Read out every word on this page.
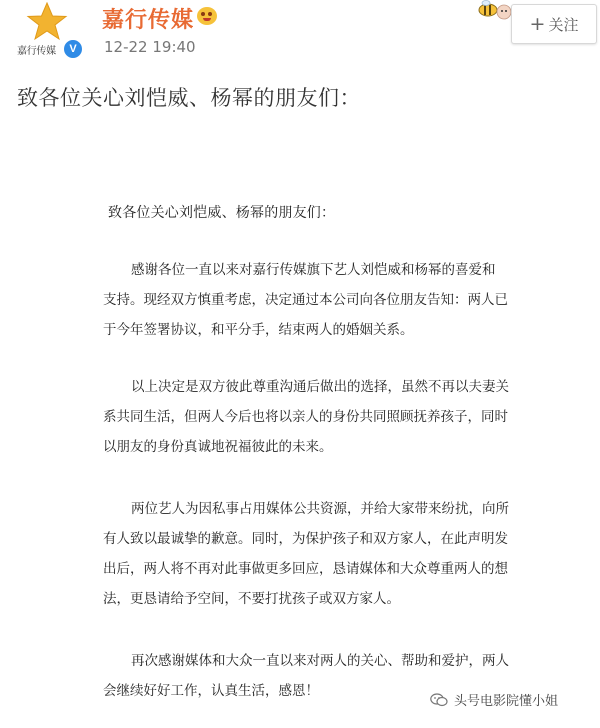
嘉行传媒	V
嘉行传媒
12-22 19:40
+ 关注
致各位关心刘恺威、杨幂的朋友们：
致各位关心刘恺威、杨幂的朋友们：

感谢各位一直以来对嘉行传媒旗下艺人刘恺威和杨幂的喜爱和
支持。现经双方慎重考虑，决定通过本公司向各位朋友告知：两人已
于今年签署协议，和平分手，结束两人的婚姻关系。

以上决定是双方彼此尊重沟通后做出的选择，虽然不再以夫妻关
系共同生活，但两人今后也将以亲人的身份共同照顾抚养孩子，同时
以朋友的身份真诚地祝福彼此的未来。

两位艺人为因私事占用媒体公共资源，并给大家带来纷扰，向所
有人致以最诚挚的歉意。同时，为保护孩子和双方家人，在此声明发
出后，两人将不再对此事做更多回应，恳请媒体和大众尊重两人的想
法，更恳请给予空间，不要打扰孩子或双方家人。

再次感谢媒体和大众一直以来对两人的关心、帮助和爱护，两人
会继续好好工作，认真生活，感恩！

头号电影院懂小姐
